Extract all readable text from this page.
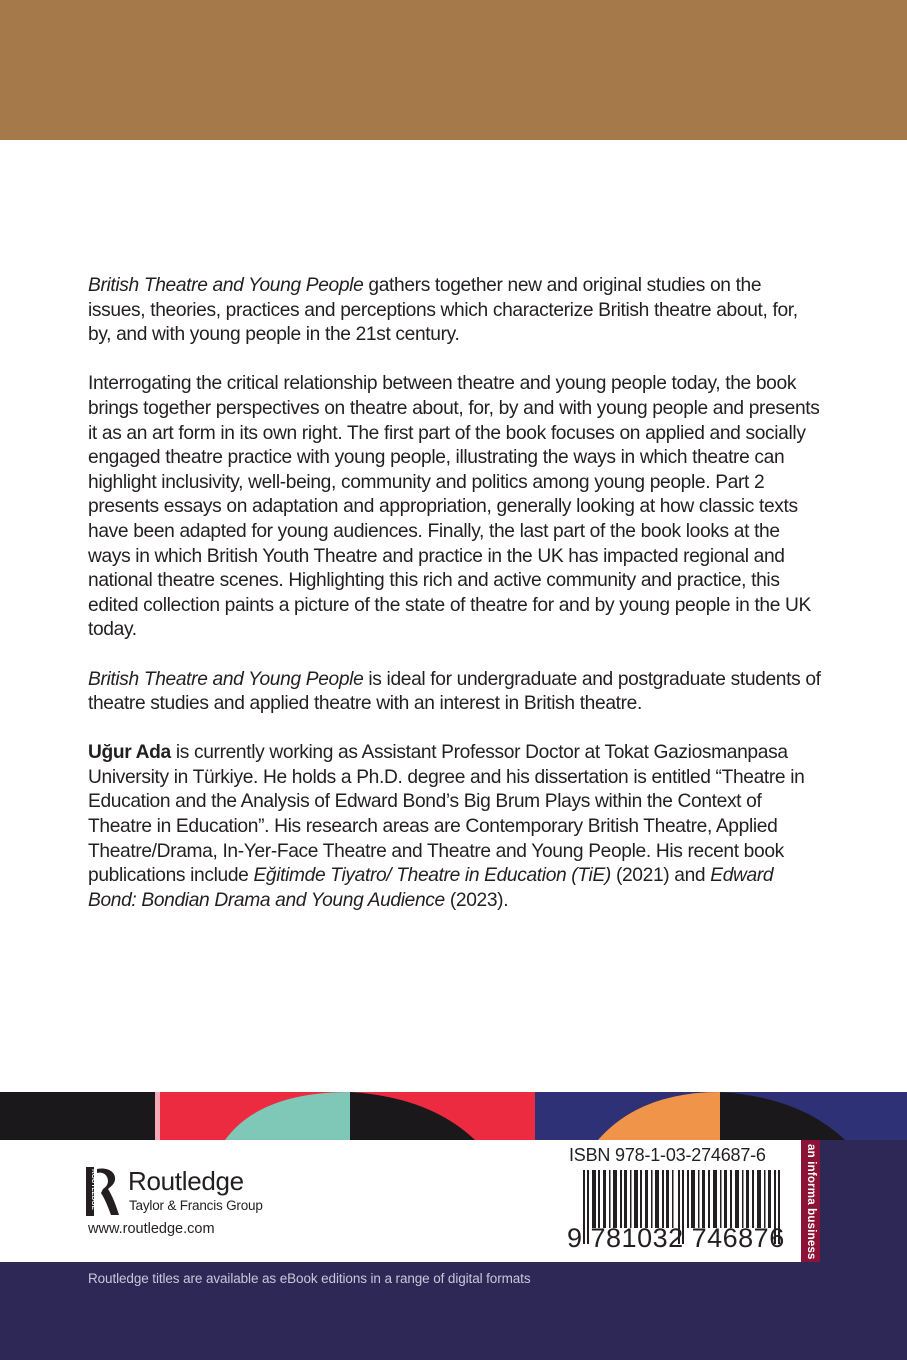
British Theatre and Young People gathers together new and original studies on the issues, theories, practices and perceptions which characterize British theatre about, for, by, and with young people in the 21st century.

Interrogating the critical relationship between theatre and young people today, the book brings together perspectives on theatre about, for, by and with young people and presents it as an art form in its own right. The first part of the book focuses on applied and socially engaged theatre practice with young people, illustrating the ways in which theatre can highlight inclusivity, well-being, community and politics among young people. Part 2 presents essays on adaptation and appropriation, generally looking at how classic texts have been adapted for young audiences. Finally, the last part of the book looks at the ways in which British Youth Theatre and practice in the UK has impacted regional and national theatre scenes. Highlighting this rich and active community and practice, this edited collection paints a picture of the state of theatre for and by young people in the UK today.

British Theatre and Young People is ideal for undergraduate and postgraduate students of theatre studies and applied theatre with an interest in British theatre.

Uğur Ada is currently working as Assistant Professor Doctor at Tokat Gaziosmanpasa University in Türkiye. He holds a Ph.D. degree and his dissertation is entitled “Theatre in Education and the Analysis of Edward Bond’s Big Brum Plays within the Context of Theatre in Education”. His research areas are Contemporary British Theatre, Applied Theatre/Drama, In-Yer-Face Theatre and Theatre and Young People. His recent book publications include Eğitimde Tiyatro/ Theatre in Education (TiE) (2021) and Edward Bond: Bondian Drama and Young Audience (2023).

ROUTLEDGE Routledge
Taylor & Francis Group
www.routledge.com
ISBN 978-1-03-274687-6
9 781032 746876 an informa business
Routledge titles are available as eBook editions in a range of digital formats
